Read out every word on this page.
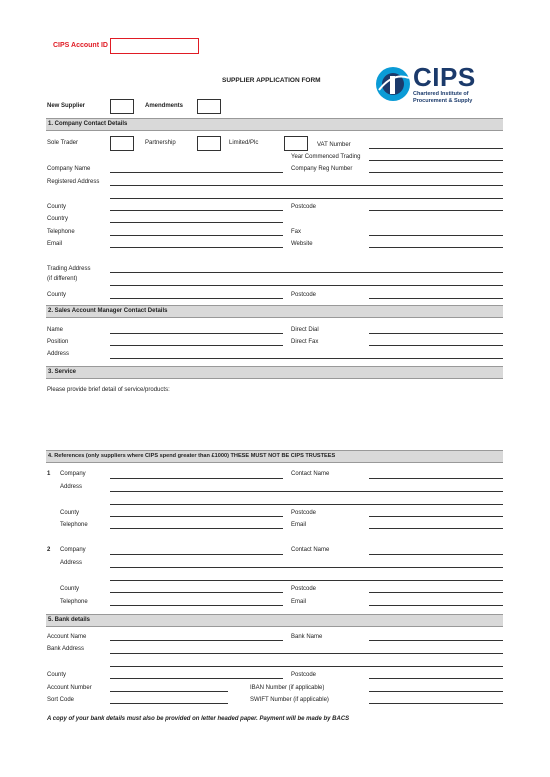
CIPS Account ID
SUPPLIER APPLICATION FORM	CIPS
Chartered Institute of
Procurement & Supply
New Supplier	Amendments
1. Company Contact Details
Sole Trader	Partnership	Limited/Plc	VAT Number
Year Commenced Trading
Company Name	Company Reg Number
Registered Address
County	Postcode
Country
Telephone	Fax
Email	Website
Trading Address
(if different)
County	Postcode
2. Sales Account Manager Contact Details
Name	Direct Dial
Position	Direct Fax
Address
3. Service
Please provide brief detail of service/products:
4. References (only suppliers where CIPS spend greater than £1000) THESE MUST NOT BE CIPS TRUSTEES
1 Company	Contact Name
Address
County	Postcode
Telephone	Email
2 Company	Contact Name
Address
County	Postcode
Telephone	Email
5. Bank details
Account Name	Bank Name
Bank Address
County	Postcode
Account Number	IBAN Number (if applicable)
Sort Code	SWIFT Number (if applicable)
A copy of your bank details must also be provided on letter headed paper. Payment will be made by BACS
